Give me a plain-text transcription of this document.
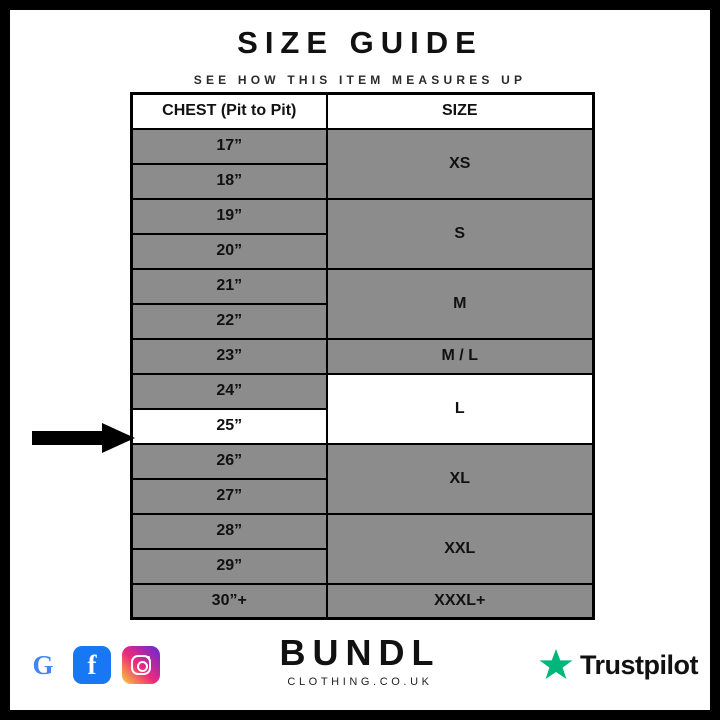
SIZE GUIDE
SEE HOW THIS ITEM MEASURES UP
CHEST (Pit to Pit)	SIZE
17”	XS
18”	
19”	S
20”	
21”	M
22”	
23”	M / L
24”	L
25”	
26”	XL
27”	
28”	XXL
29”	
30”+	XXXL+
G	f	BUNDL
CLOTHING.CO.UK
Trustpilot
